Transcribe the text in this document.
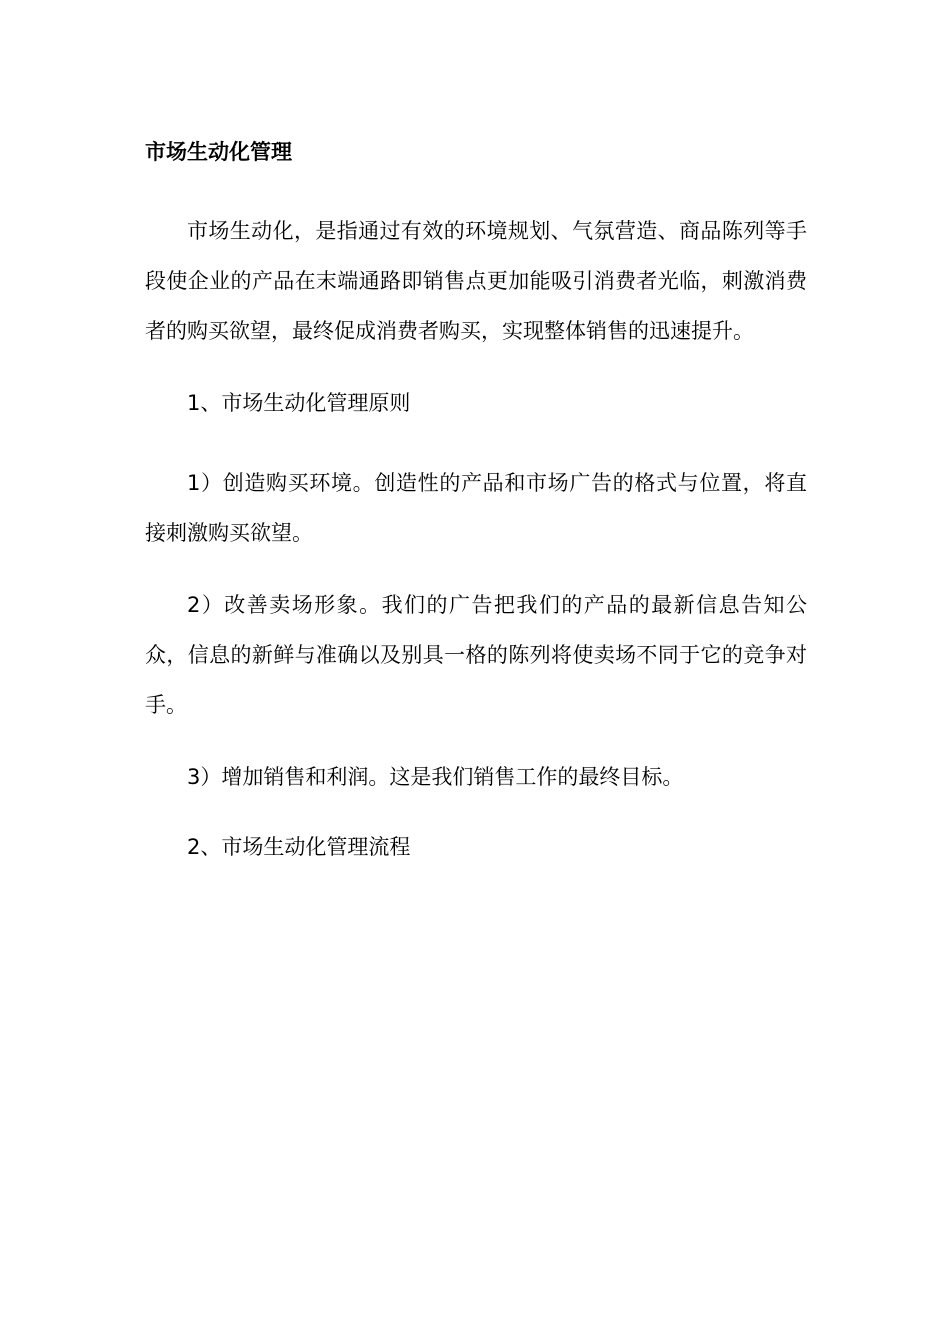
市场生动化管理

市场生动化，是指通过有效的环境规划、气氛营造、商品陈列等手段使企业的产品在末端通路即销售点更加能吸引消费者光临，刺激消费者的购买欲望，最终促成消费者购买，实现整体销售的迅速提升。

1、市场生动化管理原则

1）创造购买环境。创造性的产品和市场广告的格式与位置，将直接刺激购买欲望。

2）改善卖场形象。我们的广告把我们的产品的最新信息告知公众，信息的新鲜与准确以及别具一格的陈列将使卖场不同于它的竞争对手。

3）增加销售和利润。这是我们销售工作的最终目标。

2、市场生动化管理流程
